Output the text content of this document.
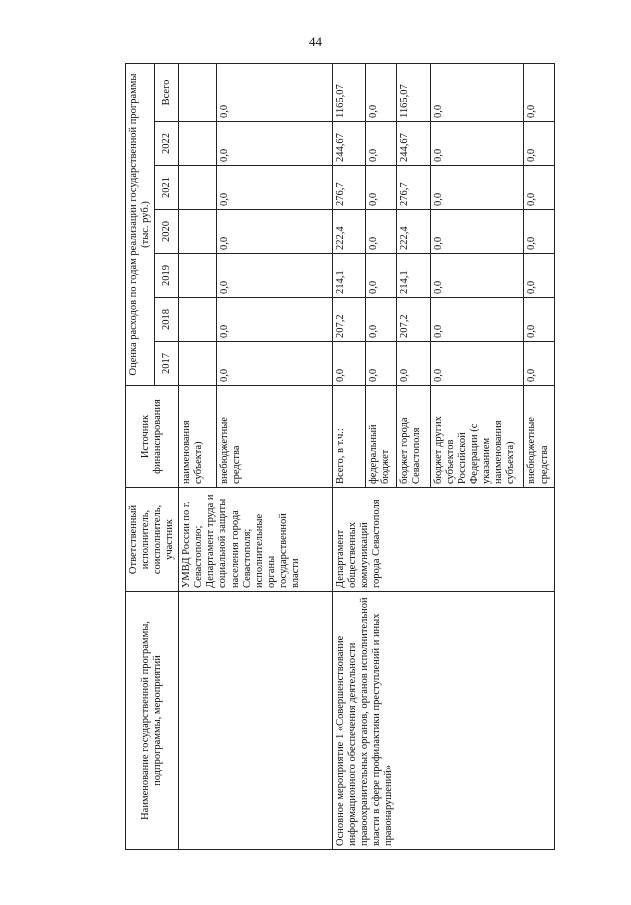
44
Наименование государственной программы, подпрограммы, мероприятий	Ответственный исполнитель, соисполнитель, участник	Источник финансирования	Оценка расходов по годам реализации государственной программы (тыс. руб.)						
			2017	2018	2019	2020	2021	2022	Всего
	УМВД России по г. Севастополю; Департамент труда и социальной защиты населения города Севастополя; исполнительные органы государственной власти	наименования субъекта)							
		внебюджетные средства	0,0	0,0	0,0	0,0	0,0	0,0	0,0
Основное мероприятие 1 «Совершенствование информационного обеспечения деятельности правоохранительных органов, органов исполнительной власти в сфере профилактики преступлений и иных правонарушений»	Департамент общественных коммуникаций города Севастополя	Всего, в т.ч.:	0,0	207,2	214,1	222,4	276,7	244,67	1165,07
		федеральный бюджет	0,0	0,0	0,0	0,0	0,0	0,0	0,0
		бюджет города Севастополя	0,0	207,2	214,1	222,4	276,7	244,67	1165,07
		бюджет других субъектов Российской Федерации (с указанием наименования субъекта)	0,0	0,0	0,0	0,0	0,0	0,0	0,0
		внебюджетные средства	0,0	0,0	0,0	0,0	0,0	0,0	0,0
